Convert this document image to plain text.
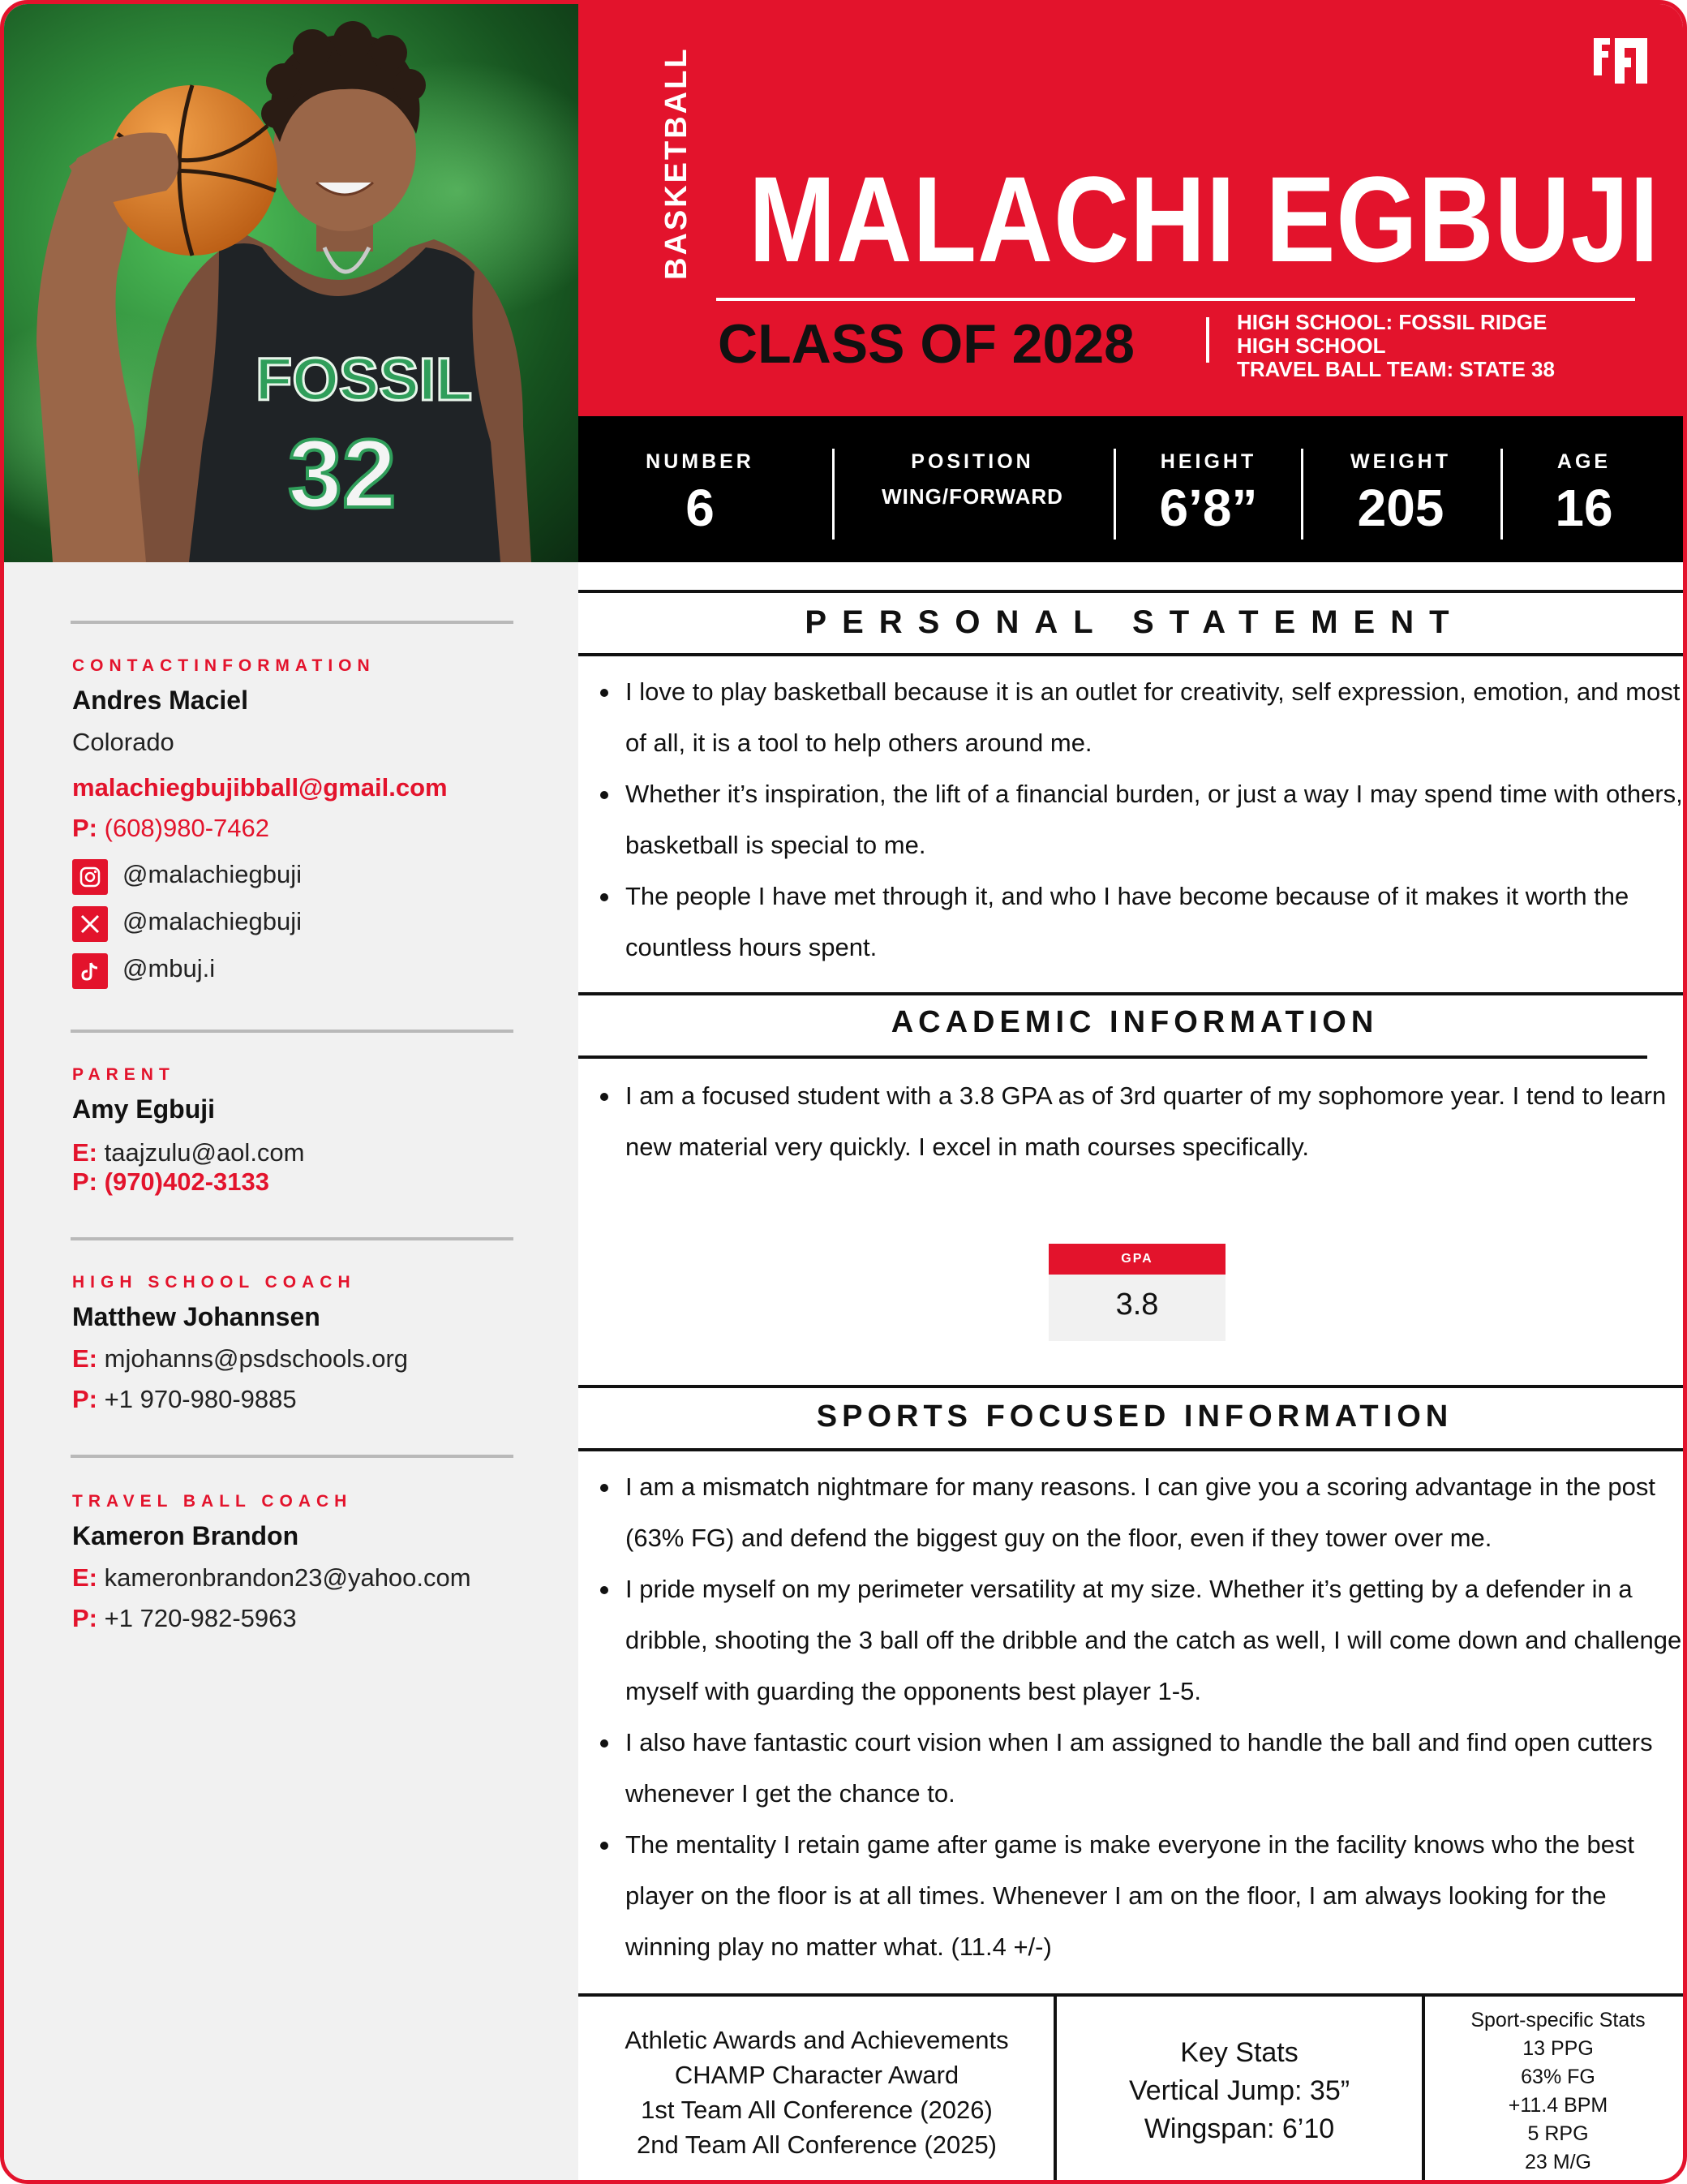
FOSSIL
32
BASKETBALL MALACHI EGBUJI
CLASS OF 2028	HIGH SCHOOL: FOSSIL RIDGE
HIGH SCHOOL
TRAVEL BALL TEAM: STATE 38
NUMBER
6
POSITION
WING/FORWARD
HEIGHT
6’8”
WEIGHT
205
AGE
16
CONTACTINFORMATION
Andres Maciel
Colorado
malachiegbujibball@gmail.com
P: (608)980-7462
@malachiegbuji
@malachiegbuji
@mbuj.i
PARENT
Amy Egbuji
E: taajzulu@aol.com
P: (970)402-3133
HIGH SCHOOL COACH
Matthew Johannsen
E: mjohanns@psdschools.org
P: +1 970-980-9885
TRAVEL BALL COACH
Kameron Brandon
E: kameronbrandon23@yahoo.com
P: +1 720-982-5963
PERSONAL STATEMENT
I love to play basketball because it is an outlet for creativity, self expression, emotion, and most of all, it is a tool to help others around me.
Whether it’s inspiration, the lift of a financial burden, or just a way I may spend time with others, basketball is special to me.
The people I have met through it, and who I have become because of it makes it worth the countless hours spent.
ACADEMIC INFORMATION
I am a focused student with a 3.8 GPA as of 3rd quarter of my sophomore year. I tend to learn new material very quickly. I excel in math courses specifically.
GPA
3.8
SPORTS FOCUSED INFORMATION
I am a mismatch nightmare for many reasons. I can give you a scoring advantage in the post (63% FG) and defend the biggest guy on the floor, even if they tower over me.
I pride myself on my perimeter versatility at my size. Whether it’s getting by a defender in a dribble, shooting the 3 ball off the dribble and the catch as well, I will come down and challenge myself with guarding the opponents best player 1-5.
I also have fantastic court vision when I am assigned to handle the ball and find open cutters whenever I get the chance to.
The mentality I retain game after game is make everyone in the facility knows who the best player on the floor is at all times. Whenever I am on the floor, I am always looking for the winning play no matter what. (11.4 +/-)
Athletic Awards and Achievements
CHAMP Character Award
1st Team All Conference (2026)
2nd Team All Conference (2025)
Key Stats
Vertical Jump: 35”
Wingspan: 6’10
Sport-specific Stats
13 PPG
63% FG
+11.4 BPM
5 RPG
23 M/G
